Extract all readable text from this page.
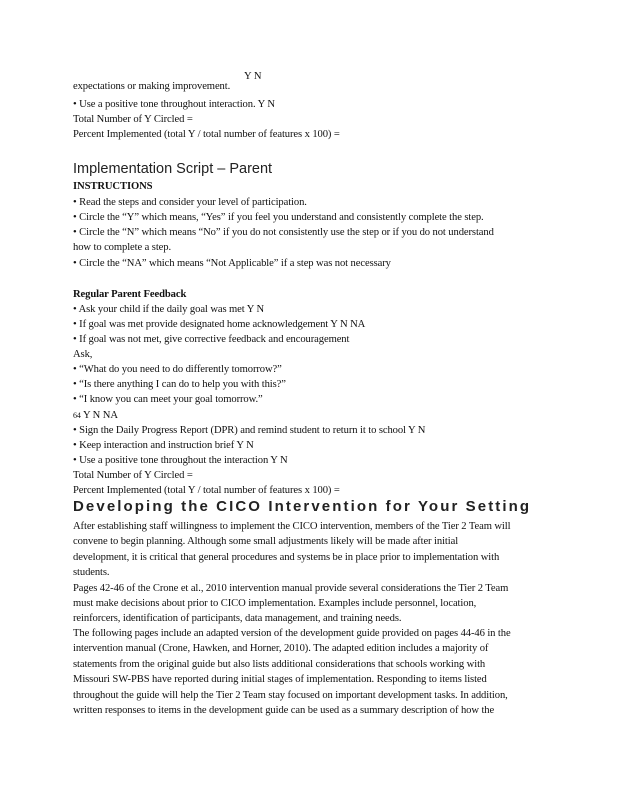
expectations or making improvement.
Y N
• Use a positive tone throughout interaction. Y N
Total Number of Y Circled =
Percent Implemented (total Y / total number of features x 100) =
Implementation Script – Parent
INSTRUCTIONS
• Read the steps and consider your level of participation.
• Circle the “Y” which means, “Yes” if you feel you understand and consistently complete the step.
• Circle the “N” which means “No” if you do not consistently use the step or if you do not understand
how to complete a step.
• Circle the “NA” which means “Not Applicable” if a step was not necessary
Regular Parent Feedback
• Ask your child if the daily goal was met Y N
• If goal was met provide designated home acknowledgement Y N NA
• If goal was not met, give corrective feedback and encouragement
Ask,
• “What do you need to do differently tomorrow?”
• “Is there anything I can do to help you with this?”
• “I know you can meet your goal tomorrow.”
64 Y N NA
• Sign the Daily Progress Report (DPR) and remind student to return it to school Y N
• Keep interaction and instruction brief Y N
• Use a positive tone throughout the interaction Y N
Total Number of Y Circled =
Percent Implemented (total Y / total number of features x 100) =
Developing the CICO Intervention for Your Setting
After establishing staff willingness to implement the CICO intervention, members of the Tier 2 Team will
convene to begin planning. Although some small adjustments likely will be made after initial
development, it is critical that general procedures and systems be in place prior to implementation with
students.
Pages 42-46 of the Crone et al., 2010 intervention manual provide several considerations the Tier 2 Team
must make decisions about prior to CICO implementation. Examples include personnel, location,
reinforcers, identification of participants, data management, and training needs.
The following pages include an adapted version of the development guide provided on pages 44-46 in the
intervention manual (Crone, Hawken, and Horner, 2010). The adapted edition includes a majority of
statements from the original guide but also lists additional considerations that schools working with
Missouri SW-PBS have reported during initial stages of implementation. Responding to items listed
throughout the guide will help the Tier 2 Team stay focused on important development tasks. In addition,
written responses to items in the development guide can be used as a summary description of how the
